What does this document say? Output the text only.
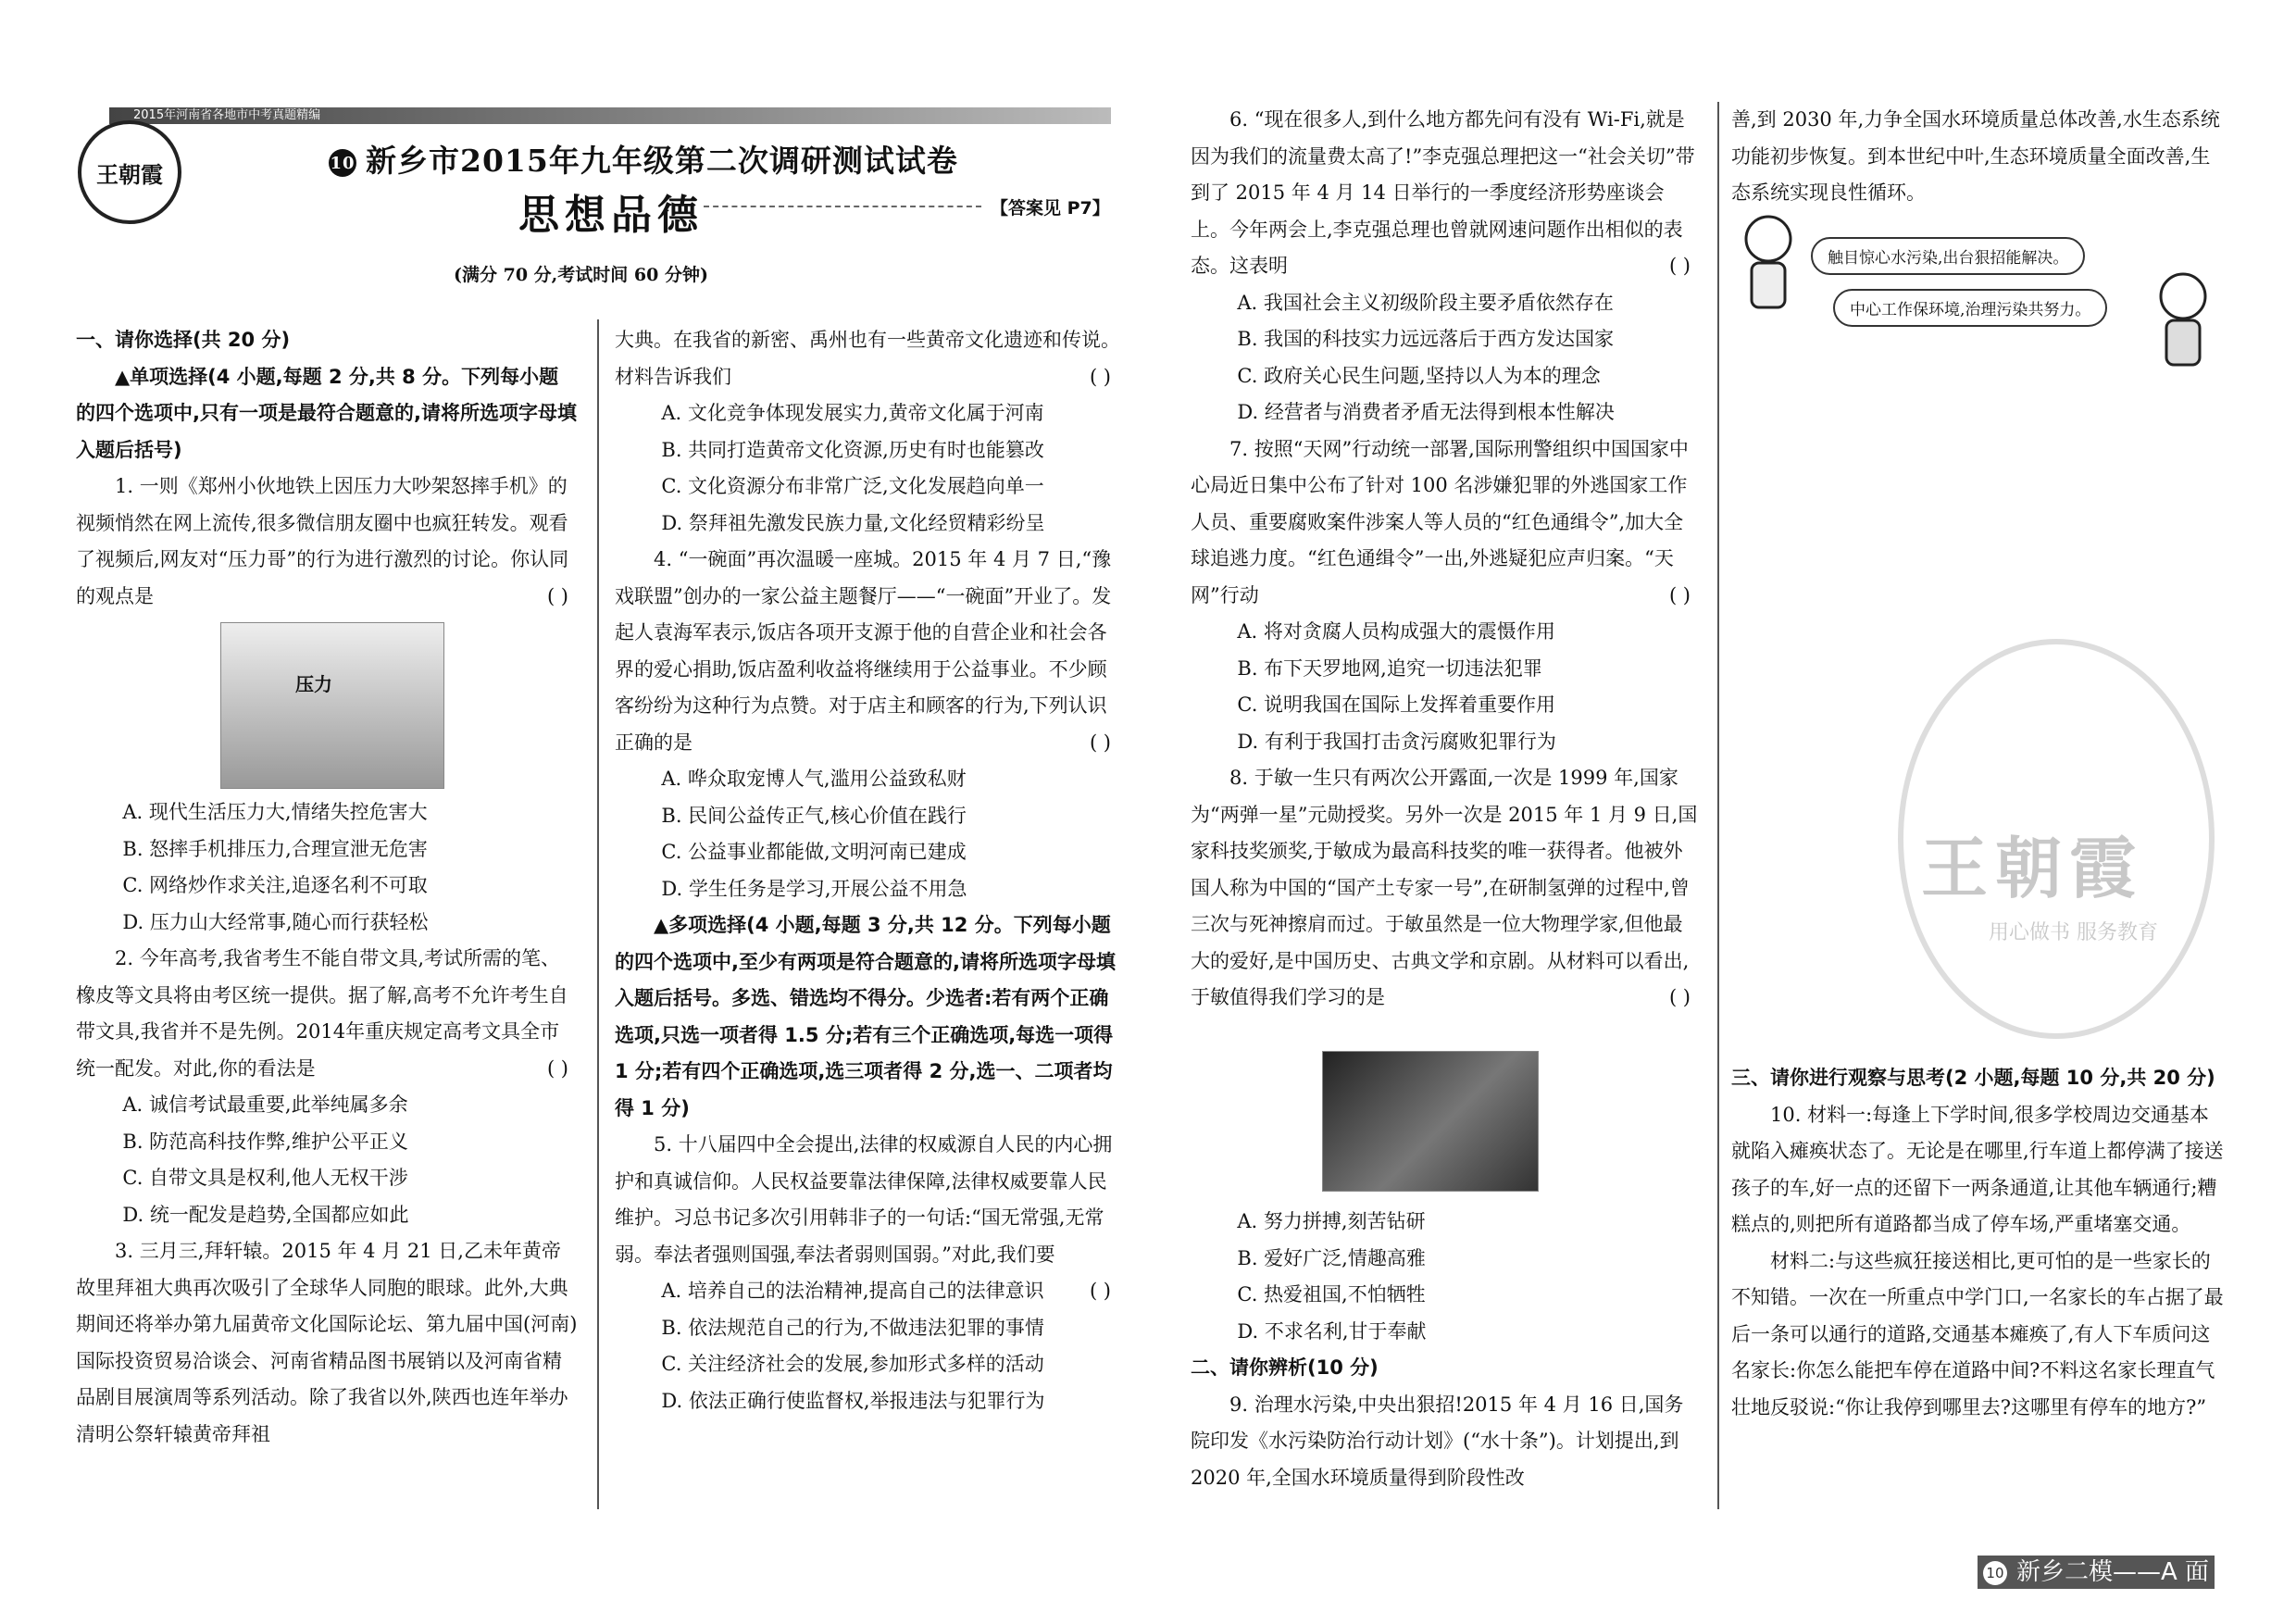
2015年河南省各地市中考真题精编
王朝霞	10 新乡市2015年九年级第二次调研测试试卷
思想品德	【答案见 P7】
(满分 70 分,考试时间 60 分钟)

一、请你选择(共 20 分)

▲单项选择(4 小题,每题 2 分,共 8 分。下列每小题的四个选项中,只有一项是最符合题意的,请将所选项字母填入题后括号)

1. 一则《郑州小伙地铁上因压力大吵架怒摔手机》的视频悄然在网上流传,很多微信朋友圈中也疯狂转发。观看了视频后,网友对“压力哥”的行为进行激烈的讨论。你认同的观点是	( )

压力

A. 现代生活压力大,情绪失控危害大

B. 怒摔手机排压力,合理宣泄无危害

C. 网络炒作求关注,追逐名利不可取

D. 压力山大经常事,随心而行获轻松

2. 今年高考,我省考生不能自带文具,考试所需的笔、橡皮等文具将由考区统一提供。据了解,高考不允许考生自带文具,我省并不是先例。2014年重庆规定高考文具全市统一配发。对此,你的看法是	( )

A. 诚信考试最重要,此举纯属多余

B. 防范高科技作弊,维护公平正义

C. 自带文具是权利,他人无权干涉

D. 统一配发是趋势,全国都应如此

3. 三月三,拜轩辕。2015 年 4 月 21 日,乙未年黄帝故里拜祖大典再次吸引了全球华人同胞的眼球。此外,大典期间还将举办第九届黄帝文化国际论坛、第九届中国(河南)国际投资贸易洽谈会、河南省精品图书展销以及河南省精品剧目展演周等系列活动。除了我省以外,陕西也连年举办清明公祭轩辕黄帝拜祖

大典。在我省的新密、禹州也有一些黄帝文化遗迹和传说。材料告诉我们	( )

A. 文化竞争体现发展实力,黄帝文化属于河南

B. 共同打造黄帝文化资源,历史有时也能篡改

C. 文化资源分布非常广泛,文化发展趋向单一

D. 祭拜祖先激发民族力量,文化经贸精彩纷呈

4. “一碗面”再次温暖一座城。2015 年 4 月 7 日,“豫戏联盟”创办的一家公益主题餐厅——“一碗面”开业了。发起人袁海军表示,饭店各项开支源于他的自营企业和社会各界的爱心捐助,饭店盈利收益将继续用于公益事业。不少顾客纷纷为这种行为点赞。对于店主和顾客的行为,下列认识正确的是	( )

A. 哗众取宠博人气,滥用公益致私财

B. 民间公益传正气,核心价值在践行

C. 公益事业都能做,文明河南已建成

D. 学生任务是学习,开展公益不用急

▲多项选择(4 小题,每题 3 分,共 12 分。下列每小题的四个选项中,至少有两项是符合题意的,请将所选项字母填入题后括号。多选、错选均不得分。少选者:若有两个正确选项,只选一项者得 1.5 分;若有三个正确选项,每选一项得 1 分;若有四个正确选项,选三项者得 2 分,选一、二项者均得 1 分)

5. 十八届四中全会提出,法律的权威源自人民的内心拥护和真诚信仰。人民权益要靠法律保障,法律权威要靠人民维护。习总书记多次引用韩非子的一句话:“国无常强,无常弱。奉法者强则国强,奉法者弱则国弱。”对此,我们要
( )

A. 培养自己的法治精神,提高自己的法律意识

B. 依法规范自己的行为,不做违法犯罪的事情

C. 关注经济社会的发展,参加形式多样的活动

D. 依法正确行使监督权,举报违法与犯罪行为

6. “现在很多人,到什么地方都先问有没有 Wi-Fi,就是因为我们的流量费太高了!”李克强总理把这一“社会关切”带到了 2015 年 4 月 14 日举行的一季度经济形势座谈会上。今年两会上,李克强总理也曾就网速问题作出相似的表态。这表明	( )

A. 我国社会主义初级阶段主要矛盾依然存在

B. 我国的科技实力远远落后于西方发达国家

C. 政府关心民生问题,坚持以人为本的理念

D. 经营者与消费者矛盾无法得到根本性解决

7. 按照“天网”行动统一部署,国际刑警组织中国国家中心局近日集中公布了针对 100 名涉嫌犯罪的外逃国家工作人员、重要腐败案件涉案人等人员的“红色通缉令”,加大全球追逃力度。“红色通缉令”一出,外逃疑犯应声归案。“天网”行动	( )

A. 将对贪腐人员构成强大的震慑作用

B. 布下天罗地网,追究一切违法犯罪

C. 说明我国在国际上发挥着重要作用

D. 有利于我国打击贪污腐败犯罪行为

8. 于敏一生只有两次公开露面,一次是 1999 年,国家为“两弹一星”元勋授奖。另外一次是 2015 年 1 月 9 日,国家科技奖颁奖,于敏成为最高科技奖的唯一获得者。他被外国人称为中国的“国产土专家一号”,在研制氢弹的过程中,曾三次与死神擦肩而过。于敏虽然是一位大物理学家,但他最大的爱好,是中国历史、古典文学和京剧。从材料可以看出,于敏值得我们学习的是	( )

A. 努力拼搏,刻苦钻研

B. 爱好广泛,情趣高雅

C. 热爱祖国,不怕牺牲

D. 不求名利,甘于奉献

二、请你辨析(10 分)

9. 治理水污染,中央出狠招!2015 年 4 月 16 日,国务院印发《水污染防治行动计划》(“水十条”)。计划提出,到 2020 年,全国水环境质量得到阶段性改

善,到 2030 年,力争全国水环境质量总体改善,水生态系统功能初步恢复。到本世纪中叶,生态环境质量全面改善,生态系统实现良性循环。

触目惊心水污染,出台狠招能解决。
中心工作保环境,治理污染共努力。
王朝霞
用心做书 服务教育

三、请你进行观察与思考(2 小题,每题 10 分,共 20 分)

10. 材料一:每逢上下学时间,很多学校周边交通基本就陷入瘫痪状态了。无论是在哪里,行车道上都停满了接送孩子的车,好一点的还留下一两条通道,让其他车辆通行;糟糕点的,则把所有道路都当成了停车场,严重堵塞交通。

材料二:与这些疯狂接送相比,更可怕的是一些家长的不知错。一次在一所重点中学门口,一名家长的车占据了最后一条可以通行的道路,交通基本瘫痪了,有人下车质问这名家长:你怎么能把车停在道路中间?不料这名家长理直气壮地反驳说:“你让我停到哪里去?这哪里有停车的地方?”

10 新乡二模——A 面
